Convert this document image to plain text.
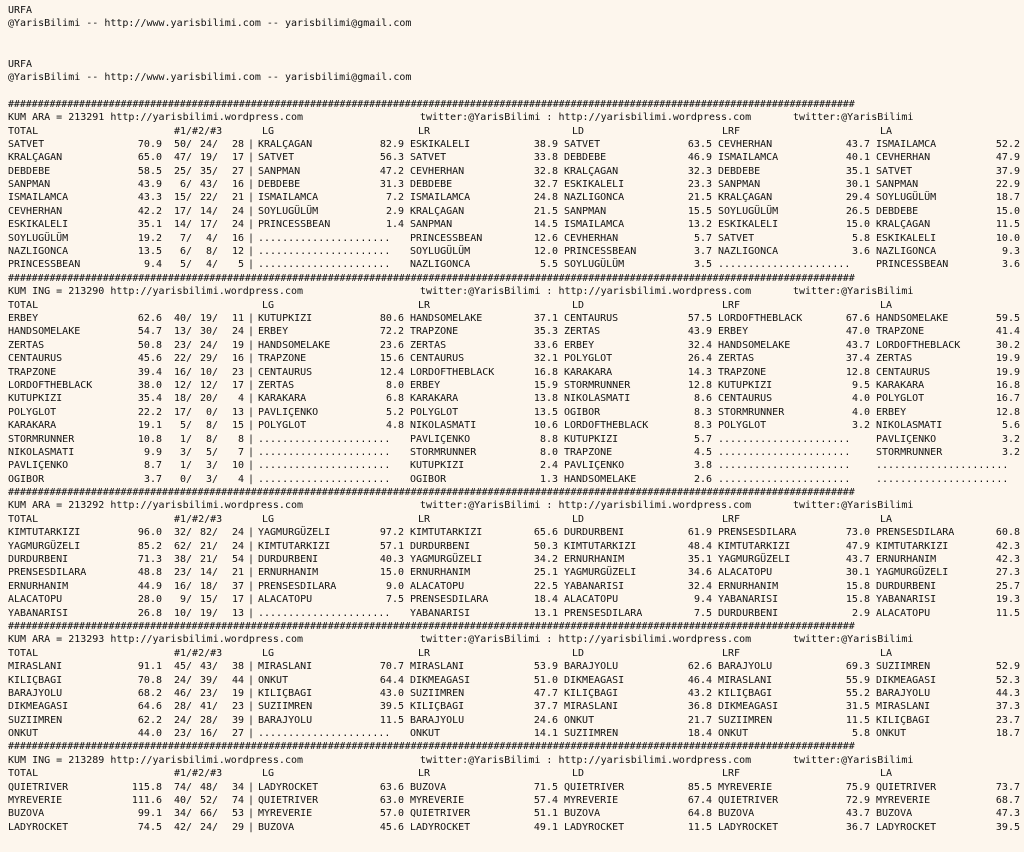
URFA
@YarisBilimi -- http://www.yarisbilimi.com -- yarisbilimi@gmail.com
URFA
@YarisBilimi -- http://www.yarisbilimi.com -- yarisbilimi@gmail.com
###############################################################################################################################################
KUM ARA = 213291 http://yarisbilimi.wordpress.com	twitter:@YarisBilimi : http://yarisbilimi.wordpress.com	twitter:@YarisBilimi
TOTAL	#1/#2/#3	LG	LR	LD	LRF	LA
SATVET	70.9	50/ 24/	28 | KRALÇAGAN	82.9 ESKIKALELI	38.9 SATVET	63.5 CEVHERHAN	43.7 ISMAILAMCA	52.2
KRALÇAGAN	65.0	47/ 19/	17 | SATVET	56.3 SATVET	33.8 DEBDEBE	46.9 ISMAILAMCA	40.1 CEVHERHAN	47.9
DEBDEBE	58.5	25/ 35/	27 | SANPMAN	47.2 CEVHERHAN	32.8 KRALÇAGAN	32.3 DEBDEBE	35.1 SATVET	37.9
SANPMAN	43.9	6/ 43/	16 | DEBDEBE	31.3 DEBDEBE	32.7 ESKIKALELI	23.3 SANPMAN	30.1 SANPMAN	22.9
ISMAILAMCA	43.3	15/ 22/	21 | ISMAILAMCA	7.2 ISMAILAMCA	24.8 NAZLIGONCA	21.5 KRALÇAGAN	29.4 SOYLUGÜLÜM	18.7
CEVHERHAN	42.2	17/ 14/	24 | SOYLUGÜLÜM	2.9 KRALÇAGAN	21.5 SANPMAN	15.5 SOYLUGÜLÜM	26.5 DEBDEBE	15.0
ESKIKALELI	35.1	14/ 17/	24 | PRINCESSBEAN	1.4 SANPMAN	14.5 ISMAILAMCA	13.2 ESKIKALELI	15.0 KRALÇAGAN	11.5
SOYLUGÜLÜM	19.2	7/	4/	16 | ......................	PRINCESSBEAN	12.6 CEVHERHAN	5.7 SATVET	5.8 ESKIKALELI	10.0
NAZLIGONCA	13.5	6/	8/	12 | ......................	SOYLUGÜLÜM	12.0 PRINCESSBEAN	3.7 NAZLIGONCA	3.6 NAZLIGONCA	9.3
PRINCESSBEAN	9.4	5/	4/	5 | ......................	NAZLIGONCA	5.5 SOYLUGÜLÜM	3.5 ......................	PRINCESSBEAN	3.6
###############################################################################################################################################
KUM ING = 213290 http://yarisbilimi.wordpress.com	twitter:@YarisBilimi : http://yarisbilimi.wordpress.com	twitter:@YarisBilimi
TOTAL	LG	LR	LD	LRF	LA
ERBEY	62.6	40/ 19/	11 | KUTUPKIZI	80.6 HANDSOMELAKE	37.1 CENTAURUS	57.5 LORDOFTHEBLACK	67.6 HANDSOMELAKE	59.5
HANDSOMELAKE	54.7	13/ 30/	24 | ERBEY	72.2 TRAPZONE	35.3 ZERTAS	43.9 ERBEY	47.0 TRAPZONE	41.4
ZERTAS	50.8	23/ 24/	19 | HANDSOMELAKE	23.6 ZERTAS	33.6 ERBEY	32.4 HANDSOMELAKE	43.7 LORDOFTHEBLACK	30.2
CENTAURUS	45.6	22/ 29/	16 | TRAPZONE	15.6 CENTAURUS	32.1 POLYGLOT	26.4 ZERTAS	37.4 ZERTAS	19.9
TRAPZONE	39.4	16/ 10/	23 | CENTAURUS	12.4 LORDOFTHEBLACK	16.8 KARAKARA	14.3 TRAPZONE	12.8 CENTAURUS	19.9
LORDOFTHEBLACK	38.0	12/ 12/	17 | ZERTAS	8.0 ERBEY	15.9 STORMRUNNER	12.8 KUTUPKIZI	9.5 KARAKARA	16.8
KUTUPKIZI	35.4	18/ 20/	4 | KARAKARA	6.8 KARAKARA	13.8 NIKOLASMATI	8.6 CENTAURUS	4.0 POLYGLOT	16.7
POLYGLOT	22.2	17/	0/	13 | PAVLIÇENKO	5.2 POLYGLOT	13.5 OGIBOR	8.3 STORMRUNNER	4.0 ERBEY	12.8
KARAKARA	19.1	5/	8/	15 | POLYGLOT	4.8 NIKOLASMATI	10.6 LORDOFTHEBLACK	8.3 POLYGLOT	3.2 NIKOLASMATI	5.6
STORMRUNNER	10.8	1/	8/	8 | ......................	PAVLIÇENKO	8.8 KUTUPKIZI	5.7 ......................	PAVLIÇENKO	3.2
NIKOLASMATI	9.9	3/	5/	7 | ......................	STORMRUNNER	8.0 TRAPZONE	4.5 ......................	STORMRUNNER	3.2
PAVLIÇENKO	8.7	1/	3/	10 | ......................	KUTUPKIZI	2.4 PAVLIÇENKO	3.8 ......................	......................
OGIBOR	3.7	0/	3/	4 | ......................	OGIBOR	1.3 HANDSOMELAKE	2.6 ......................	......................
###############################################################################################################################################
KUM ARA = 213292 http://yarisbilimi.wordpress.com	twitter:@YarisBilimi : http://yarisbilimi.wordpress.com	twitter:@YarisBilimi
TOTAL	#1/#2/#3	LG	LR	LD	LRF	LA
KIMTUTARKIZI	96.0	32/ 82/	24 | YAGMURGÜZELI	97.2 KIMTUTARKIZI	65.6 DURDURBENI	61.9 PRENSESDILARA	73.0 PRENSESDILARA	60.8
YAGMURGÜZELI	85.2	62/ 21/	24 | KIMTUTARKIZI	57.1 DURDURBENI	50.3 KIMTUTARKIZI	48.4 KIMTUTARKIZI	47.9 KIMTUTARKIZI	42.3
DURDURBENI	71.3	38/ 21/	54 | DURDURBENI	40.3 YAGMURGÜZELI	34.2 ERNURHANIM	35.1 YAGMURGÜZELI	43.7 ERNURHANIM	42.3
PRENSESDILARA	48.8	23/ 14/	21 | ERNURHANIM	15.0 ERNURHANIM	25.1 YAGMURGÜZELI	34.6 ALACATOPU	30.1 YAGMURGÜZELI	27.3
ERNURHANIM	44.9	16/ 18/	37 | PRENSESDILARA	9.0 ALACATOPU	22.5 YABANARISI	32.4 ERNURHANIM	15.8 DURDURBENI	25.7
ALACATOPU	28.0	9/ 15/	17 | ALACATOPU	7.5 PRENSESDILARA	18.4 ALACATOPU	9.4 YABANARISI	15.8 YABANARISI	19.3
YABANARISI	26.8	10/ 19/	13 | ......................	YABANARISI	13.1 PRENSESDILARA	7.5 DURDURBENI	2.9 ALACATOPU	11.5
###############################################################################################################################################
KUM ARA = 213293 http://yarisbilimi.wordpress.com	twitter:@YarisBilimi : http://yarisbilimi.wordpress.com	twitter:@YarisBilimi
TOTAL	#1/#2/#3	LG	LR	LD	LRF	LA
MIRASLANI	91.1	45/ 43/	38 | MIRASLANI	70.7 MIRASLANI	53.9 BARAJYOLU	62.6 BARAJYOLU	69.3 SUZIIMREN	52.9
KILIÇBAGI	70.8	24/ 39/	44 | ONKUT	64.4 DIKMEAGASI	51.0 DIKMEAGASI	46.4 MIRASLANI	55.9 DIKMEAGASI	52.3
BARAJYOLU	68.2	46/ 23/	19 | KILIÇBAGI	43.0 SUZIIMREN	47.7 KILIÇBAGI	43.2 KILIÇBAGI	55.2 BARAJYOLU	44.3
DIKMEAGASI	64.6	28/ 41/	23 | SUZIIMREN	39.5 KILIÇBAGI	37.7 MIRASLANI	36.8 DIKMEAGASI	31.5 MIRASLANI	37.3
SUZIIMREN	62.2	24/ 28/	39 | BARAJYOLU	11.5 BARAJYOLU	24.6 ONKUT	21.7 SUZIIMREN	11.5 KILIÇBAGI	23.7
ONKUT	44.0	23/ 16/	27 | ......................	ONKUT	14.1 SUZIIMREN	18.4 ONKUT	5.8 ONKUT	18.7
###############################################################################################################################################
KUM ING = 213289 http://yarisbilimi.wordpress.com	twitter:@YarisBilimi : http://yarisbilimi.wordpress.com	twitter:@YarisBilimi
TOTAL	#1/#2/#3	LG	LR	LD	LRF	LA
QUIETRIVER	115.8	74/ 48/	34 | LADYROCKET	63.6 BUZOVA	71.5 QUIETRIVER	85.5 MYREVERIE	75.9 QUIETRIVER	73.7
MYREVERIE	111.6	40/ 52/	74 | QUIETRIVER	63.0 MYREVERIE	57.4 MYREVERIE	67.4 QUIETRIVER	72.9 MYREVERIE	68.7
BUZOVA	99.1	34/ 66/	53 | MYREVERIE	57.0 QUIETRIVER	51.1 BUZOVA	64.8 BUZOVA	43.7 BUZOVA	47.3
LADYROCKET	74.5	42/ 24/	29 | BUZOVA	45.6 LADYROCKET	49.1 LADYROCKET	11.5 LADYROCKET	36.7 LADYROCKET	39.5
